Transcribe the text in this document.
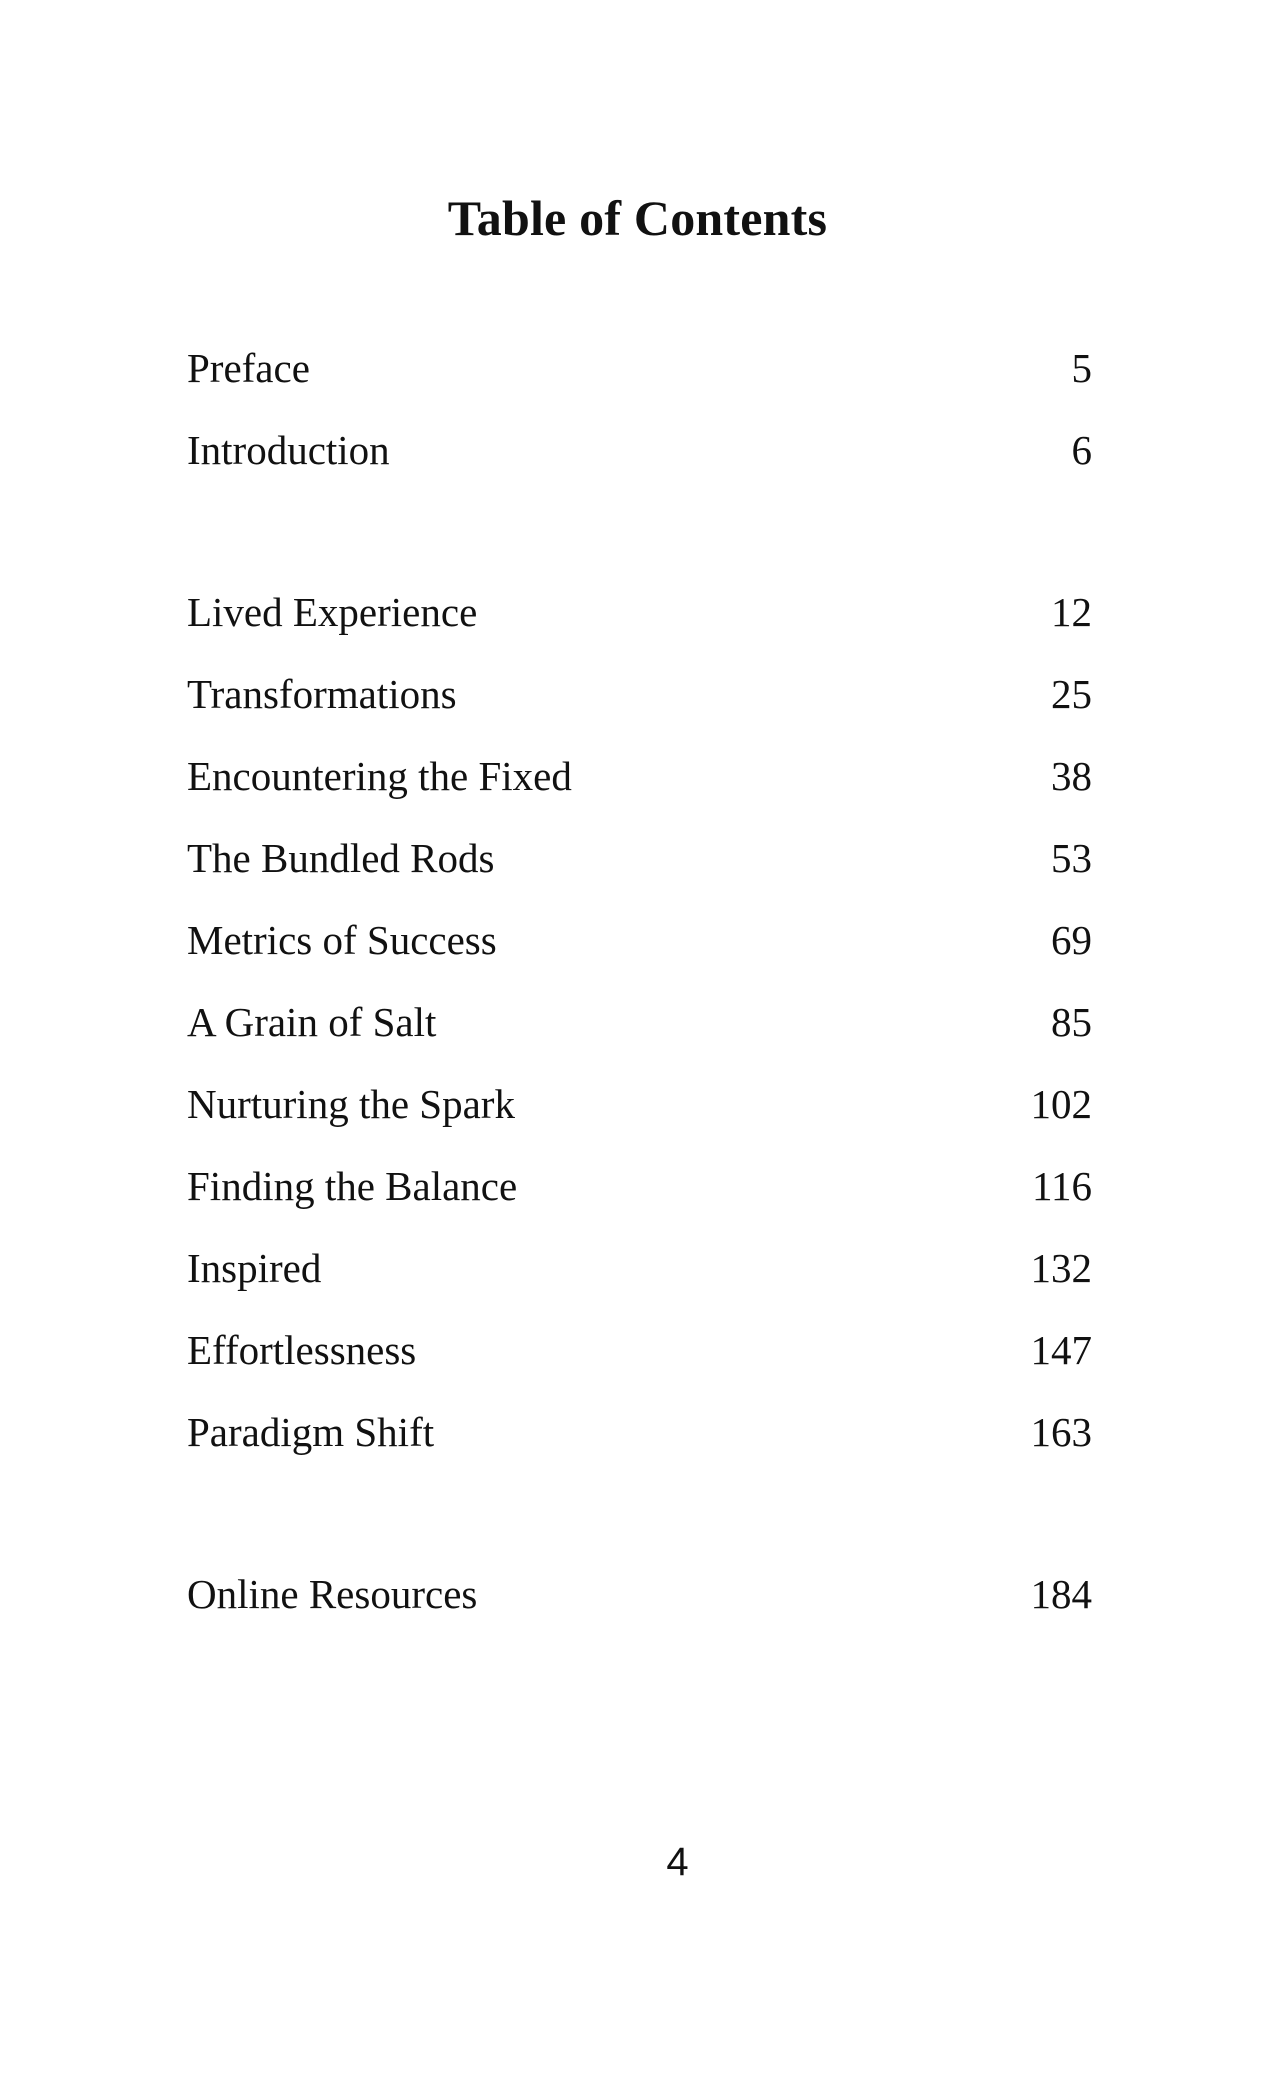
Table of Contents
Preface	5
Introduction	6
Lived Experience	12
Transformations	25
Encountering the Fixed	38
The Bundled Rods	53
Metrics of Success	69
A Grain of Salt	85
Nurturing the Spark	102
Finding the Balance	116
Inspired	132
Effortlessness	147
Paradigm Shift	163
Online Resources	184
4
